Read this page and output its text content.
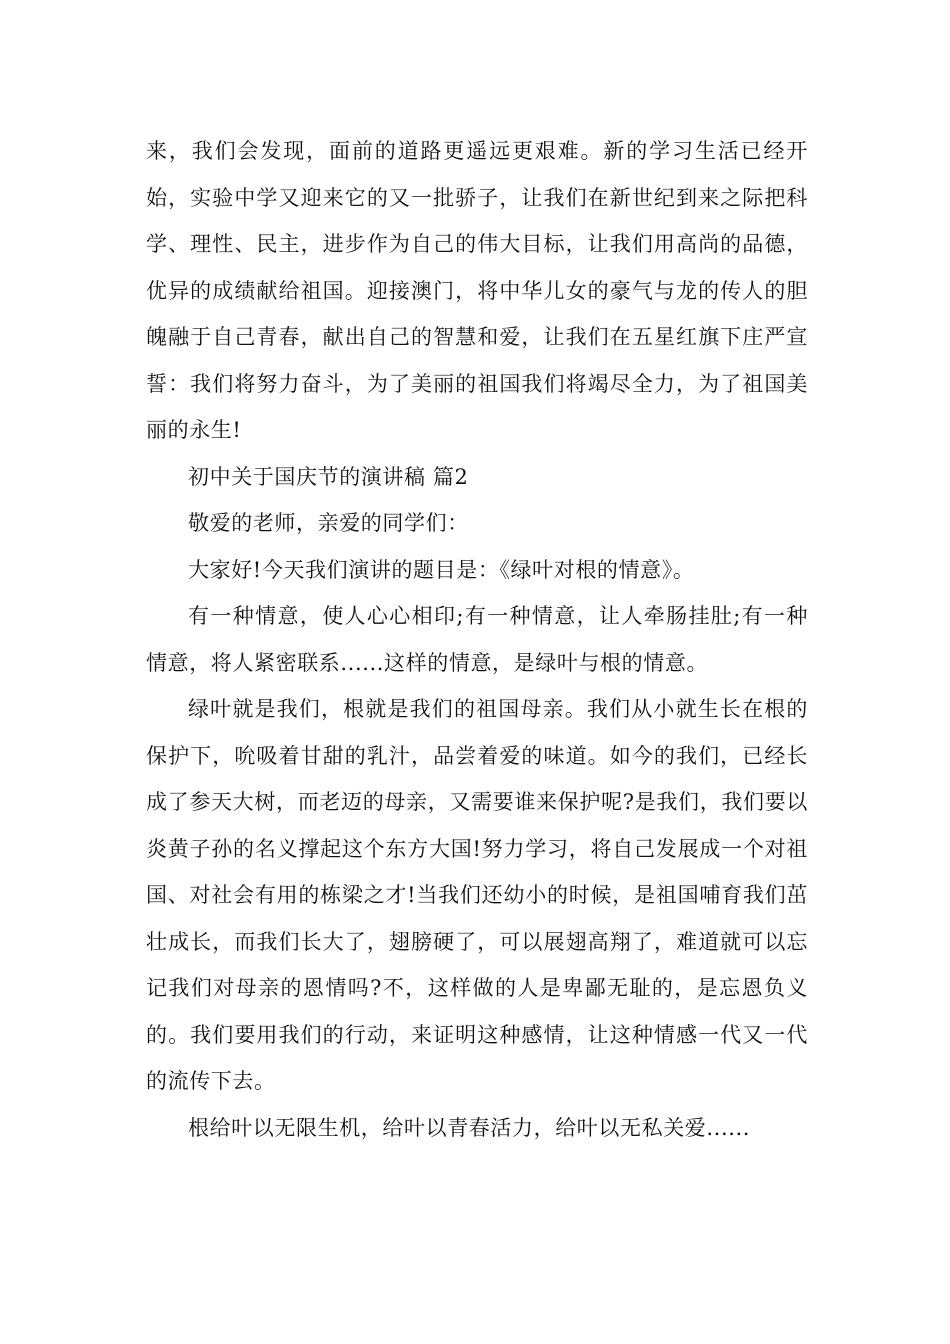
来，我们会发现，面前的道路更遥远更艰难。新的学习生活已经开始，实验中学又迎来它的又一批骄子，让我们在新世纪到来之际把科学、理性、民主，进步作为自己的伟大目标，让我们用高尚的品德，优异的成绩献给祖国。迎接澳门，将中华儿女的豪气与龙的传人的胆魄融于自己青春，献出自己的智慧和爱，让我们在五星红旗下庄严宣誓：我们将努力奋斗，为了美丽的祖国我们将竭尽全力，为了祖国美丽的永生!

初中关于国庆节的演讲稿 篇2

敬爱的老师，亲爱的同学们：

大家好!今天我们演讲的题目是：《绿叶对根的情意》。

有一种情意，使人心心相印;有一种情意，让人牵肠挂肚;有一种情意，将人紧密联系......这样的情意，是绿叶与根的情意。

绿叶就是我们，根就是我们的祖国母亲。我们从小就生长在根的保护下，吮吸着甘甜的乳汁，品尝着爱的味道。如今的我们，已经长成了参天大树，而老迈的母亲，又需要谁来保护呢?是我们，我们要以炎黄子孙的名义撑起这个东方大国!努力学习，将自己发展成一个对祖国、对社会有用的栋梁之才!当我们还幼小的时候，是祖国哺育我们茁壮成长，而我们长大了，翅膀硬了，可以展翅高翔了，难道就可以忘记我们对母亲的恩情吗?不，这样做的人是卑鄙无耻的，是忘恩负义的。我们要用我们的行动，来证明这种感情，让这种情感一代又一代的流传下去。

根给叶以无限生机，给叶以青春活力，给叶以无私关爱......
